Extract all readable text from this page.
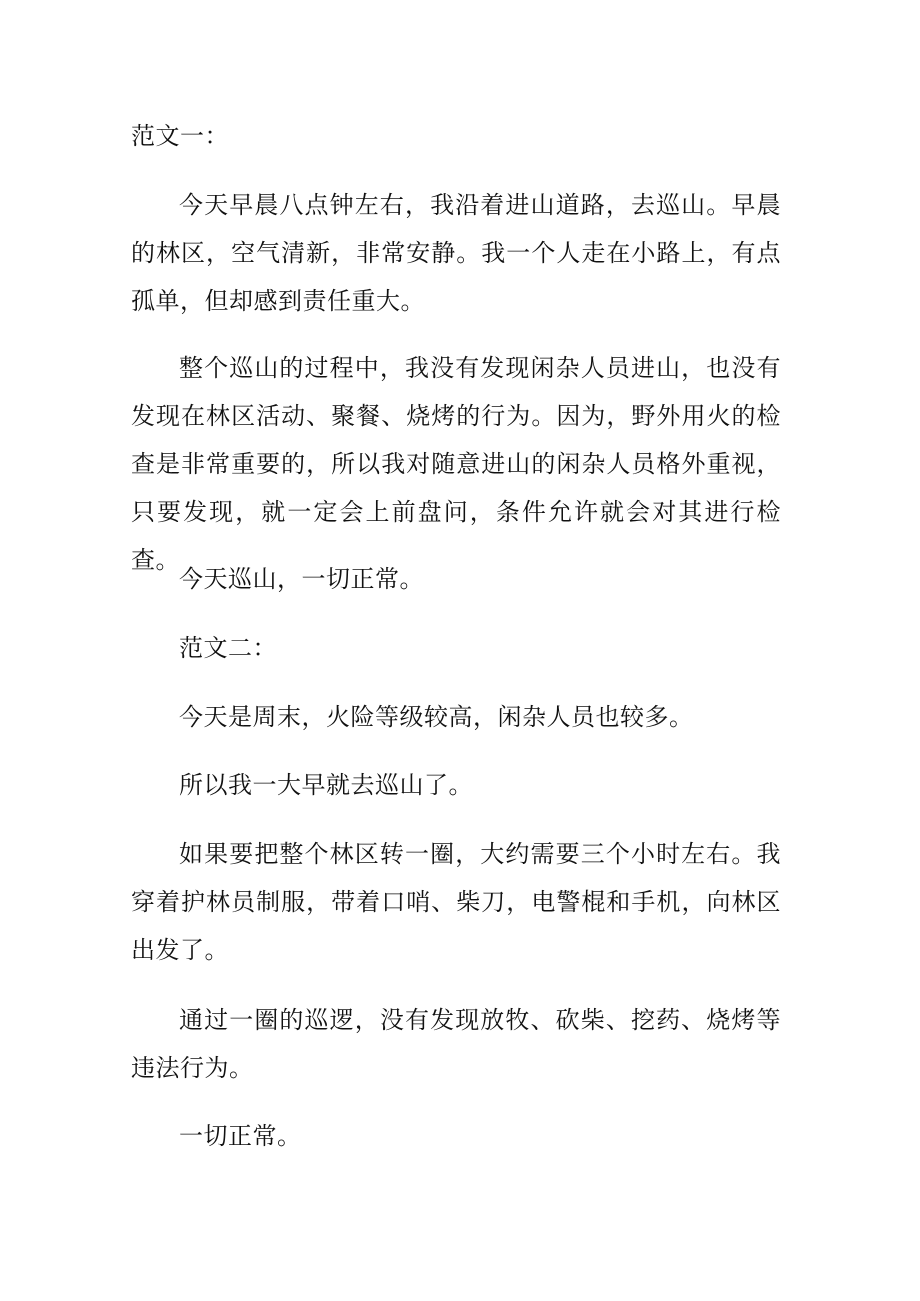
范文一：

今天早晨八点钟左右，我沿着进山道路，去巡山。早晨的林区，空气清新，非常安静。我一个人走在小路上，有点孤单，但却感到责任重大。

整个巡山的过程中，我没有发现闲杂人员进山，也没有发现在林区活动、聚餐、烧烤的行为。因为，野外用火的检查是非常重要的，所以我对随意进山的闲杂人员格外重视，只要发现，就一定会上前盘问，条件允许就会对其进行检查。

今天巡山，一切正常。

范文二：

今天是周末，火险等级较高，闲杂人员也较多。

所以我一大早就去巡山了。

如果要把整个林区转一圈，大约需要三个小时左右。我穿着护林员制服，带着口哨、柴刀，电警棍和手机，向林区出发了。

通过一圈的巡逻，没有发现放牧、砍柴、挖药、烧烤等违法行为。

一切正常。
